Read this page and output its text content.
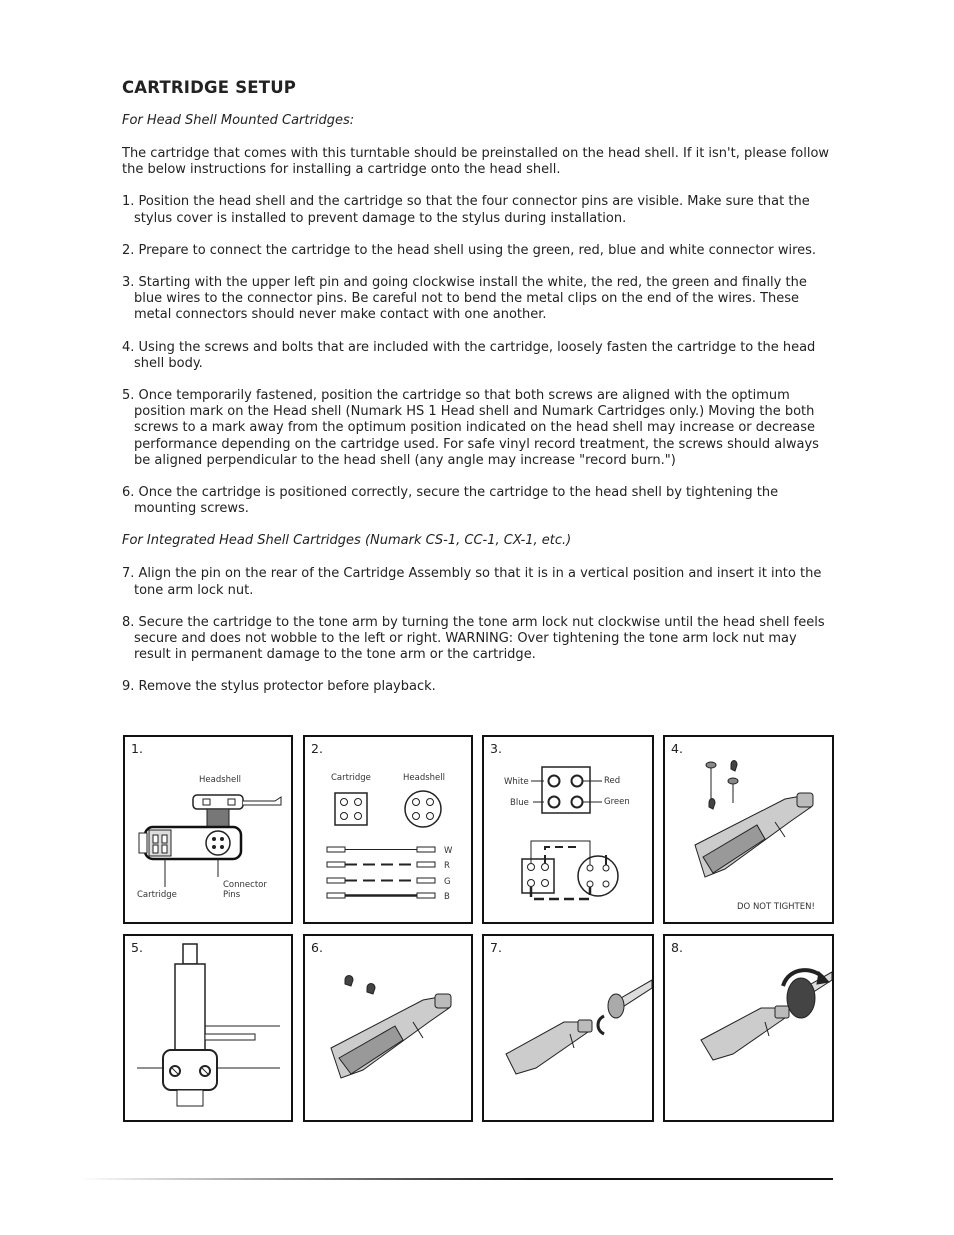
CARTRIDGE SETUP
For Head Shell Mounted Cartridges:
The cartridge that comes with this turntable should be preinstalled on the head shell. If it isn't, please follow the below instructions for installing a cartridge onto the head shell.
1. Position the head shell and the cartridge so that the four connector pins are visible. Make sure that the stylus cover is installed to prevent damage to the stylus during installation.
2. Prepare to connect the cartridge to the head shell using the green, red, blue and white connector wires.
3. Starting with the upper left pin and going clockwise install the white, the red, the green and finally the blue wires to the connector pins. Be careful not to bend the metal clips on the end of the wires. These metal connectors should never make contact with one another.
4. Using the screws and bolts that are included with the cartridge, loosely fasten the cartridge to the head shell body.
5. Once temporarily fastened, position the cartridge so that both screws are aligned with the optimum position mark on the Head shell (Numark HS 1 Head shell and Numark Cartridges only.) Moving the both screws to a mark away from the optimum position indicated on the head shell may increase or decrease performance depending on the cartridge used. For safe vinyl record treatment, the screws should always be aligned perpendicular to the head shell (any angle may increase "record burn.")
6. Once the cartridge is positioned correctly, secure the cartridge to the head shell by tightening the mounting screws.
For Integrated Head Shell Cartridges (Numark CS-1, CC-1, CX-1, etc.)
7. Align the pin on the rear of the Cartridge Assembly so that it is in a vertical position and insert it into the tone arm lock nut.
8. Secure the cartridge to the tone arm by turning the tone arm lock nut clockwise until the head shell feels secure and does not wobble to the left or right. WARNING: Over tightening the tone arm lock nut may result in permanent damage to the tone arm or the cartridge.
9. Remove the stylus protector before playback.
1.
Headshell
Cartridge
Connector
Pins
2.
Cartridge	Headshell
W
R
G
B
3.
White
Blue
Red
Green
4.
DO NOT TIGHTEN!
5.	6.	7.	8.
